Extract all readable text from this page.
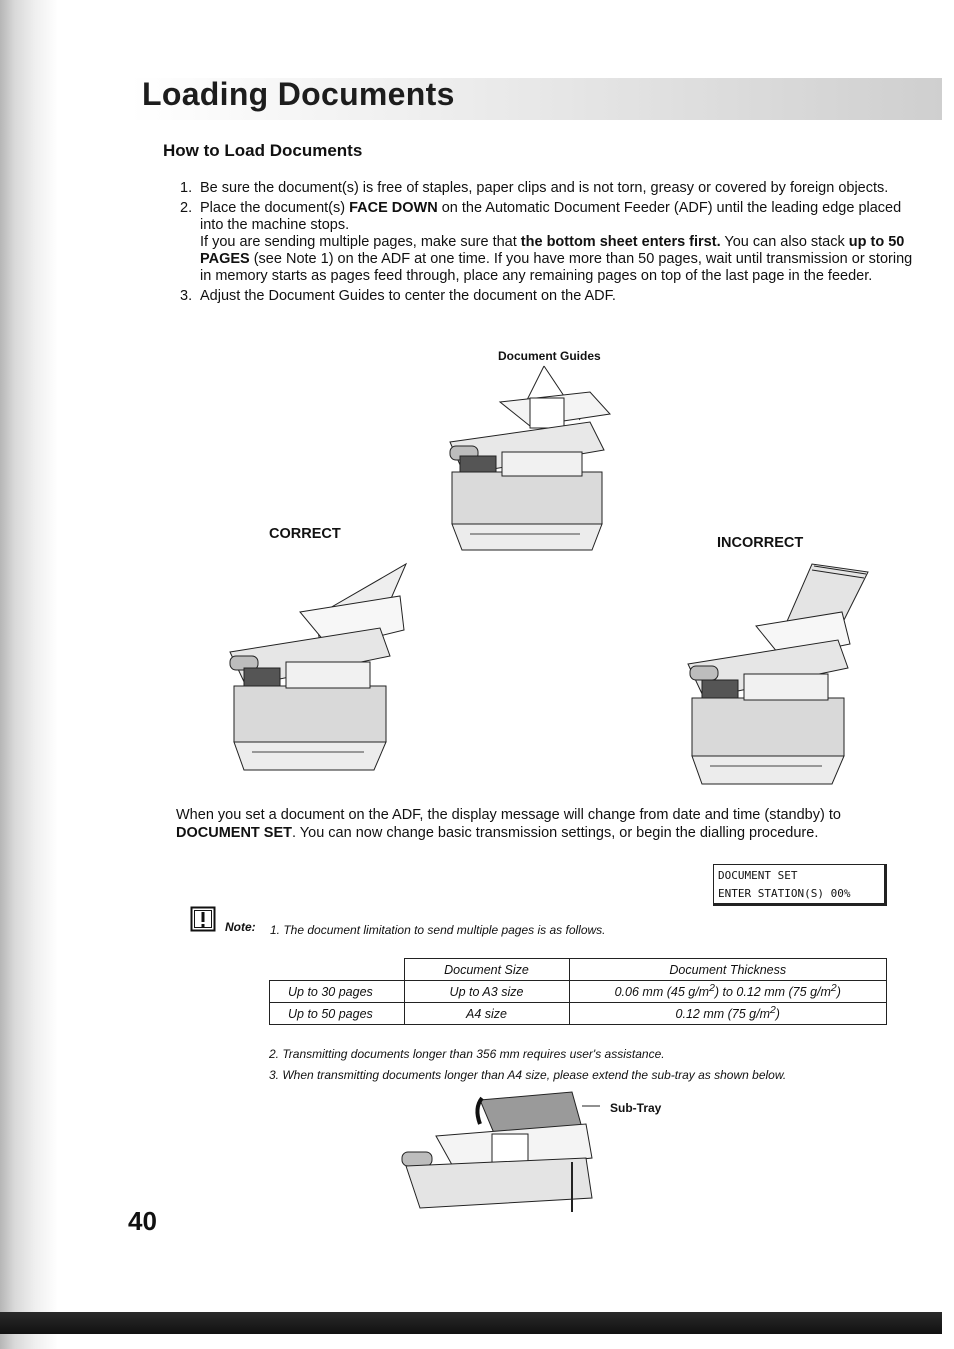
Loading Documents
How to Load Documents
1. Be sure the document(s) is free of staples, paper clips and is not torn, greasy or covered by foreign objects.
2. Place the document(s) FACE DOWN on the Automatic Document Feeder (ADF) until the leading edge placed into the machine stops.

If you are sending multiple pages, make sure that the bottom sheet enters first. You can also stack up to 50 PAGES (see Note 1) on the ADF at one time. If you have more than 50 pages, wait until transmission or storing in memory starts as pages feed through, place any remaining pages on top of the last page in the feeder.

3. Adjust the Document Guides to center the document on the ADF.
Document Guides
CORRECT
INCORRECT

When you set a document on the ADF, the display message will change from date and time (standby) to DOCUMENT SET. You can now change basic transmission settings, or begin the dialling procedure.

DOCUMENT SET
ENTER STATION(S) 00%
Note: 1. The document limitation to send multiple pages is as follows.
	Document Size	Document Thickness
Up to 30 pages	Up to A3 size	0.06 mm (45 $g/m^2$) to 0.12 mm (75 $g/m^2$)
Up to 50 pages	A4 size	0.12 mm (75 $g/m^2$)
2. Transmitting documents longer than 356 mm requires user's assistance.
3. When transmitting documents longer than A4 size, please extend the sub-tray as shown below.
Sub-Tray
40
